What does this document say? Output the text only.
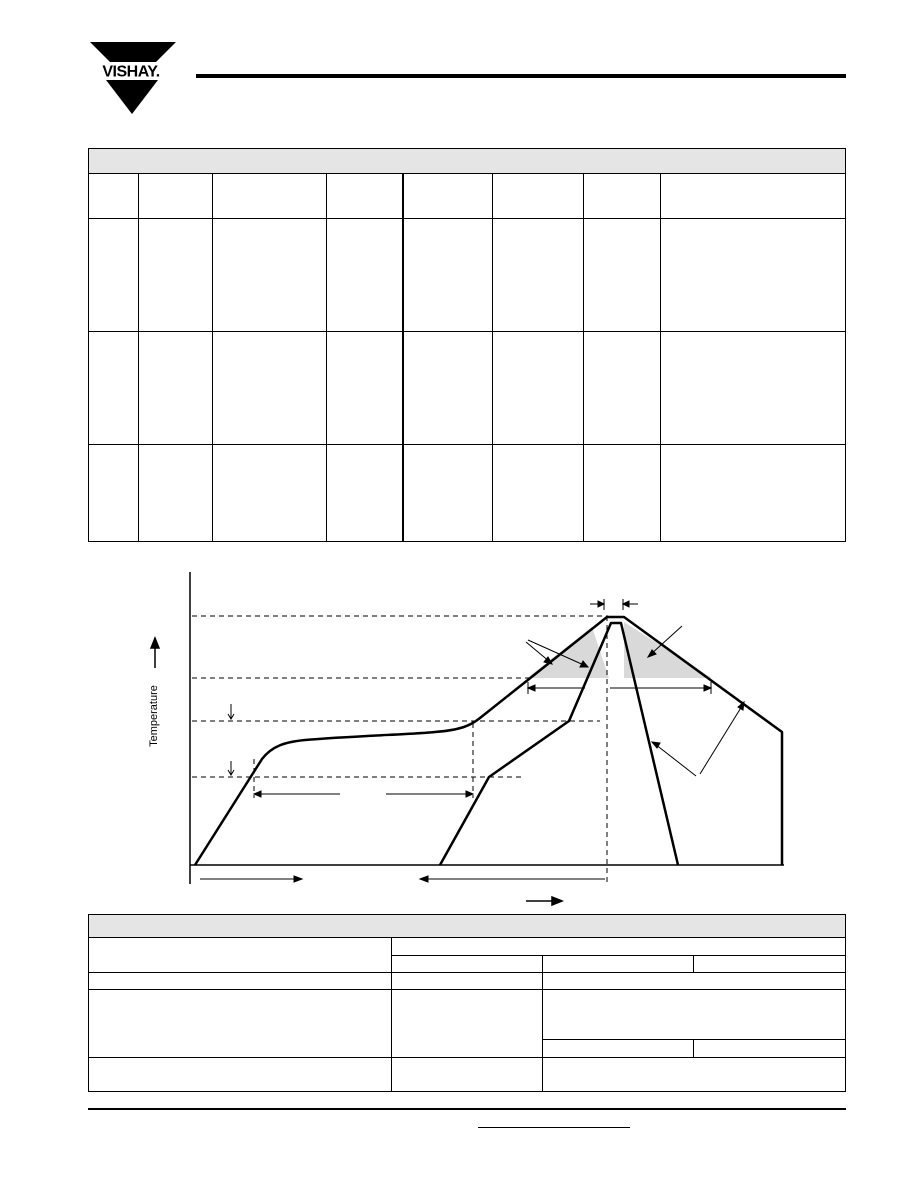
VISHAY.
Temperature
